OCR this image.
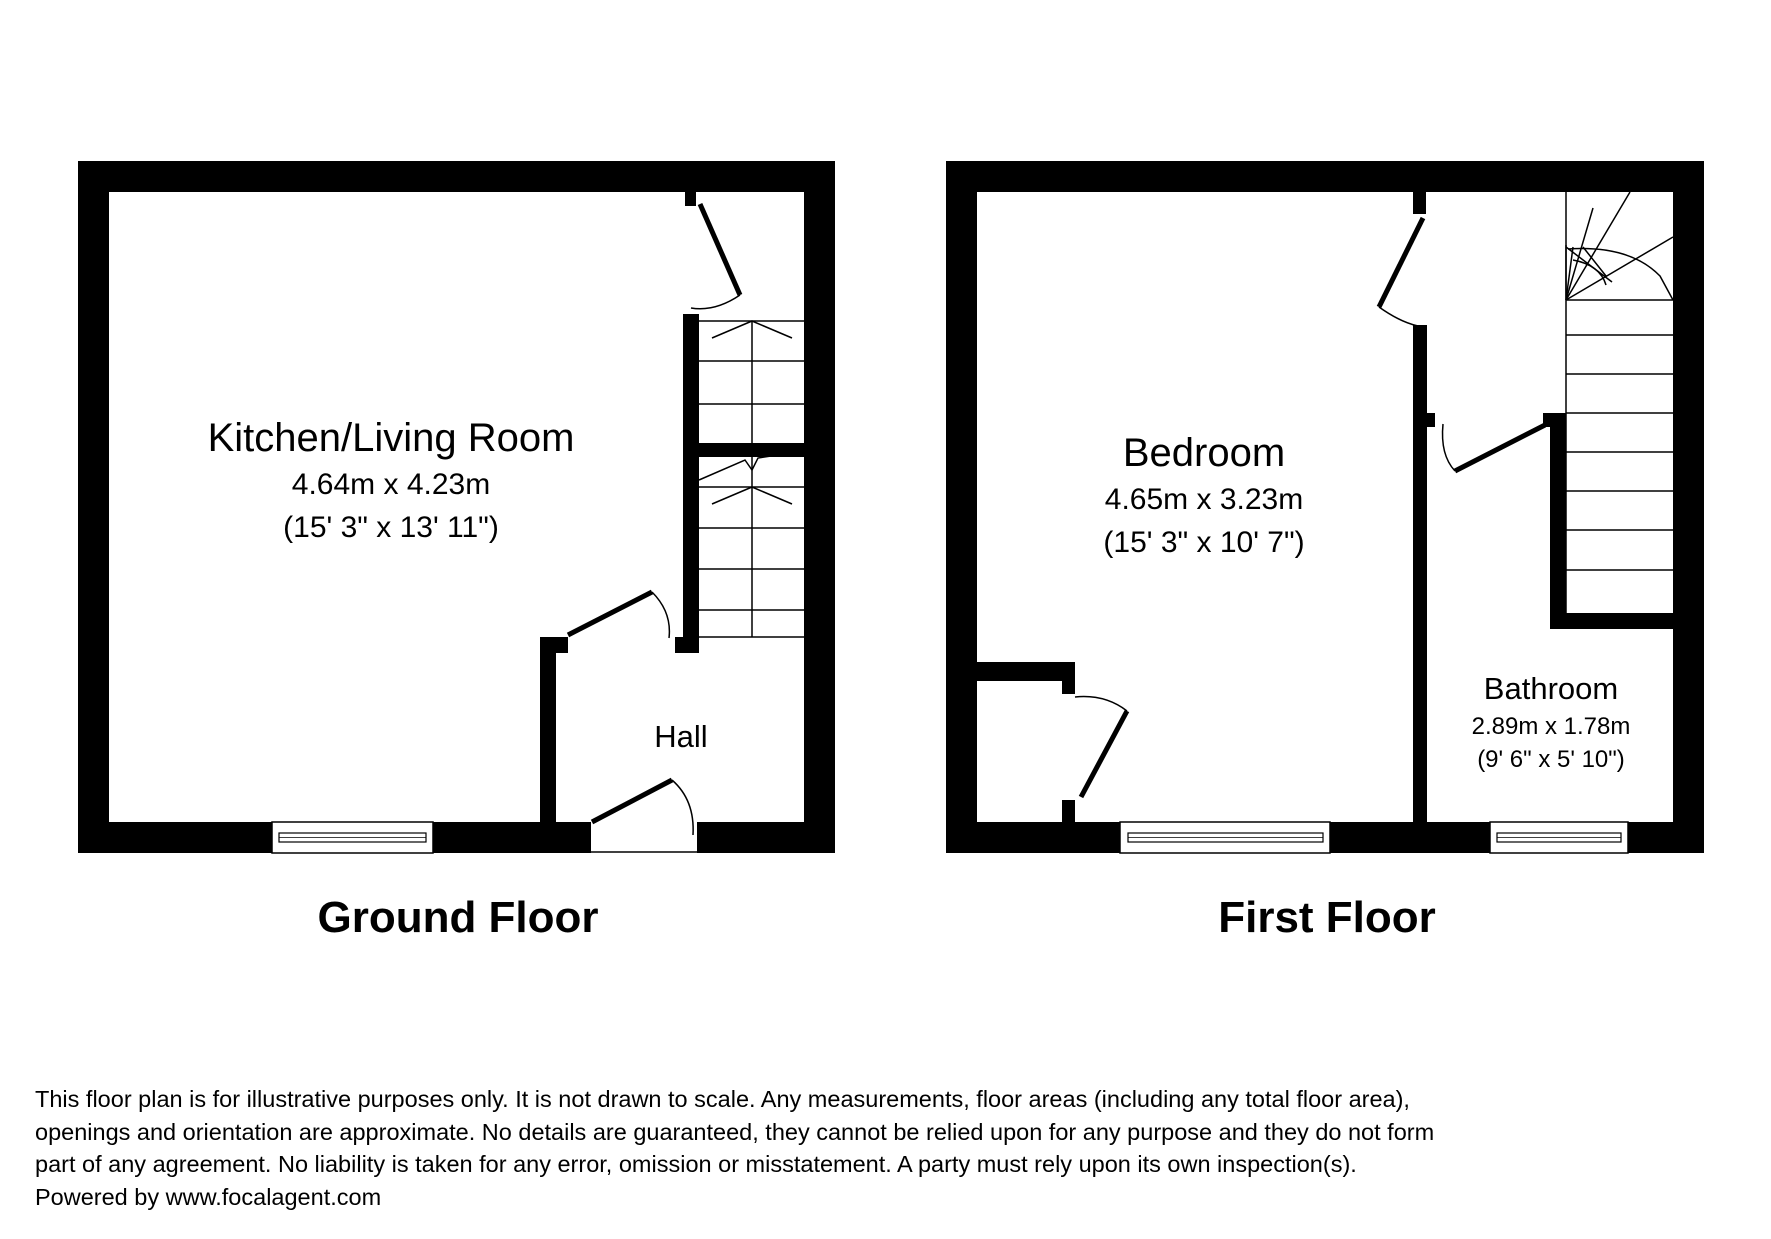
Kitchen/Living Room
4.64m x 4.23m
(15' 3" x 13' 11")
Hall
Ground Floor
Bedroom
4.65m x 3.23m
(15' 3" x 10' 7")
Bathroom
2.89m x 1.78m
(9' 6" x 5' 10")
First Floor

This floor plan is for illustrative purposes only. It is not drawn to scale. Any measurements, floor areas (including any total floor area),
openings and orientation are approximate. No details are guaranteed, they cannot be relied upon for any purpose and they do not form
part of any agreement. No liability is taken for any error, omission or misstatement. A party must rely upon its own inspection(s).
Powered by www.focalagent.com
